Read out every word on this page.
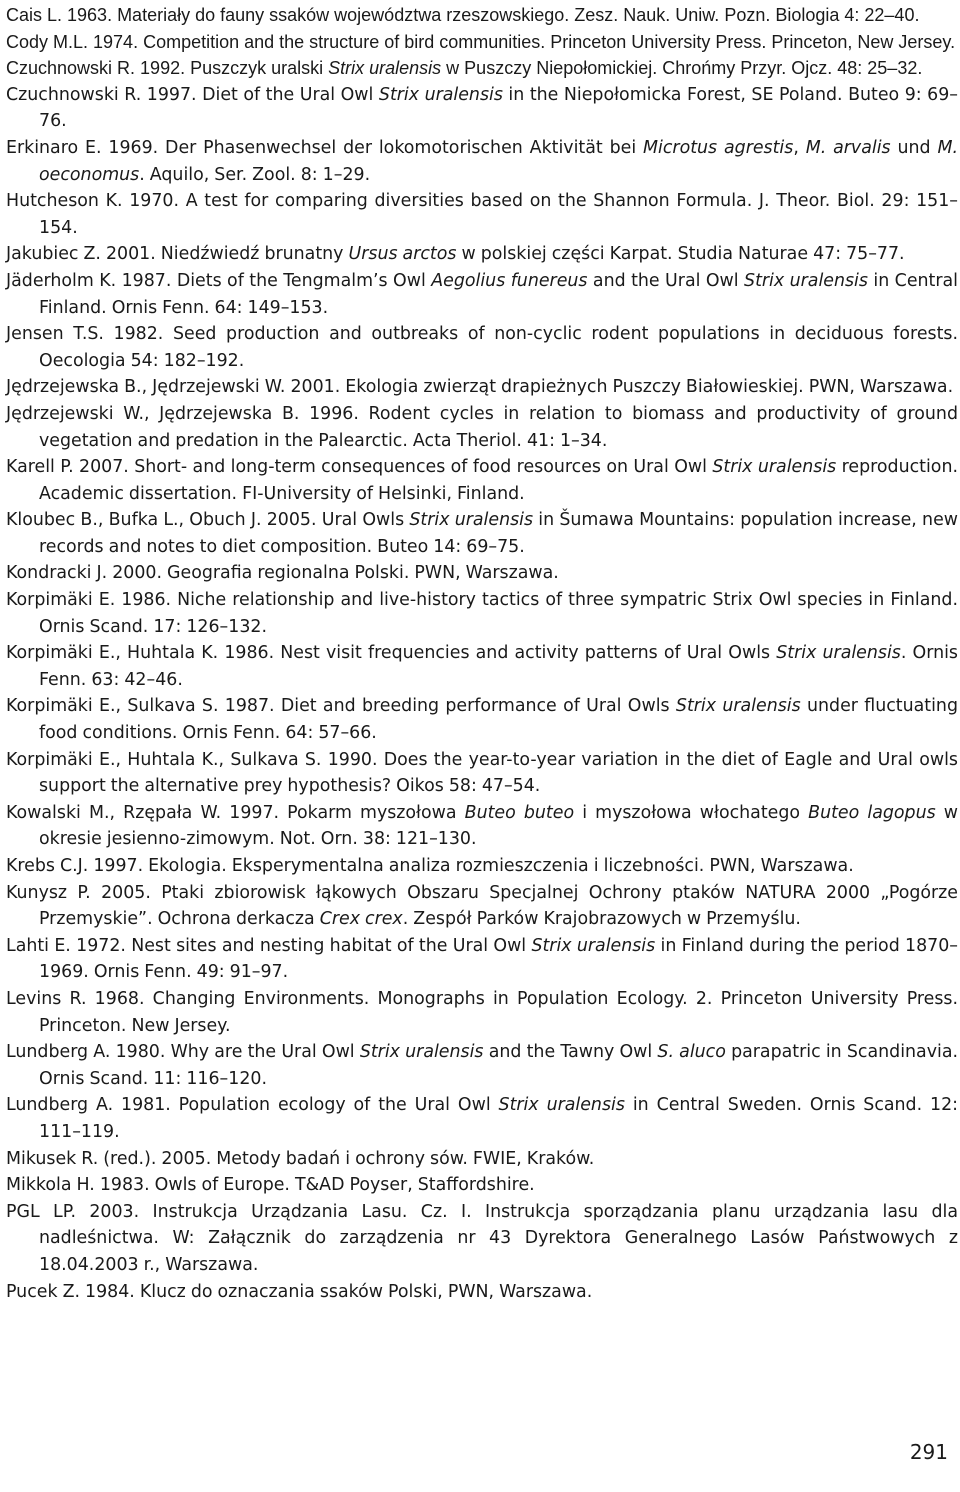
Cais L. 1963. Materiały do fauny ssaków województwa rzeszowskiego. Zesz. Nauk. Uniw. Pozn. Biologia 4: 22–40.

Cody M.L. 1974. Competition and the structure of bird communities. Princeton University Press. Princeton, New Jersey.

Czuchnowski R. 1992. Puszczyk uralski Strix uralensis w Puszczy Niepołomickiej. Chrońmy Przyr. Ojcz. 48: 25–32.

Czuchnowski R. 1997. Diet of the Ural Owl Strix uralensis in the Niepołomicka Forest, SE Poland. Buteo 9: 69–76.

Erkinaro E. 1969. Der Phasenwechsel der lokomotorischen Aktivität bei Microtus agrestis, M. arvalis und M. oeconomus. Aquilo, Ser. Zool. 8: 1–29.

Hutcheson K. 1970. A test for comparing diversities based on the Shannon Formula. J. Theor. Biol. 29: 151–154.

Jakubiec Z. 2001. Niedźwiedź brunatny Ursus arctos w polskiej części Karpat. Studia Naturae 47: 75–77.

Jäderholm K. 1987. Diets of the Tengmalm’s Owl Aegolius funereus and the Ural Owl Strix uralensis in Central Finland. Ornis Fenn. 64: 149–153.

Jensen T.S. 1982. Seed production and outbreaks of non-cyclic rodent populations in deciduous forests. Oecologia 54: 182–192.

Jędrzejewska B., Jędrzejewski W. 2001. Ekologia zwierząt drapieżnych Puszczy Białowieskiej. PWN, Warszawa.

Jędrzejewski W., Jędrzejewska B. 1996. Rodent cycles in relation to biomass and productivity of ground vegetation and predation in the Palearctic. Acta Theriol. 41: 1–34.

Karell P. 2007. Short- and long-term consequences of food resources on Ural Owl Strix uralensis reproduction. Academic dissertation. FI-University of Helsinki, Finland.

Kloubec B., Bufka L., Obuch J. 2005. Ural Owls Strix uralensis in Šumawa Mountains: population increase, new records and notes to diet composition. Buteo 14: 69–75.

Kondracki J. 2000. Geografia regionalna Polski. PWN, Warszawa.

Korpimäki E. 1986. Niche relationship and live-history tactics of three sympatric Strix Owl species in Finland. Ornis Scand. 17: 126–132.

Korpimäki E., Huhtala K. 1986. Nest visit frequencies and activity patterns of Ural Owls Strix uralensis. Ornis Fenn. 63: 42–46.

Korpimäki E., Sulkava S. 1987. Diet and breeding performance of Ural Owls Strix uralensis under fluctuating food conditions. Ornis Fenn. 64: 57–66.

Korpimäki E., Huhtala K., Sulkava S. 1990. Does the year-to-year variation in the diet of Eagle and Ural owls support the alternative prey hypothesis? Oikos 58: 47–54.

Kowalski M., Rzępała W. 1997. Pokarm myszołowa Buteo buteo i myszołowa włochatego Buteo lagopus w okresie jesienno-zimowym. Not. Orn. 38: 121–130.

Krebs C.J. 1997. Ekologia. Eksperymentalna analiza rozmieszczenia i liczebności. PWN, Warszawa.

Kunysz P. 2005. Ptaki zbiorowisk łąkowych Obszaru Specjalnej Ochrony ptaków NATURA 2000 „Pogórze Przemyskie”. Ochrona derkacza Crex crex. Zespół Parków Krajobrazowych w Przemyślu.

Lahti E. 1972. Nest sites and nesting habitat of the Ural Owl Strix uralensis in Finland during the period 1870–1969. Ornis Fenn. 49: 91–97.

Levins R. 1968. Changing Environments. Monographs in Population Ecology. 2. Princeton University Press. Princeton. New Jersey.

Lundberg A. 1980. Why are the Ural Owl Strix uralensis and the Tawny Owl S. aluco parapatric in Scandinavia. Ornis Scand. 11: 116–120.

Lundberg A. 1981. Population ecology of the Ural Owl Strix uralensis in Central Sweden. Ornis Scand. 12: 111–119.

Mikusek R. (red.). 2005. Metody badań i ochrony sów. FWIE, Kraków.

Mikkola H. 1983. Owls of Europe. T&AD Poyser, Staffordshire.

PGL LP. 2003. Instrukcja Urządzania Lasu. Cz. I. Instrukcja sporządzania planu urządzania lasu dla nadleśnictwa. W: Załącznik do zarządzenia nr 43 Dyrektora Generalnego Lasów Państwowych z 18.04.2003 r., Warszawa.

Pucek Z. 1984. Klucz do oznaczania ssaków Polski, PWN, Warszawa.

291
